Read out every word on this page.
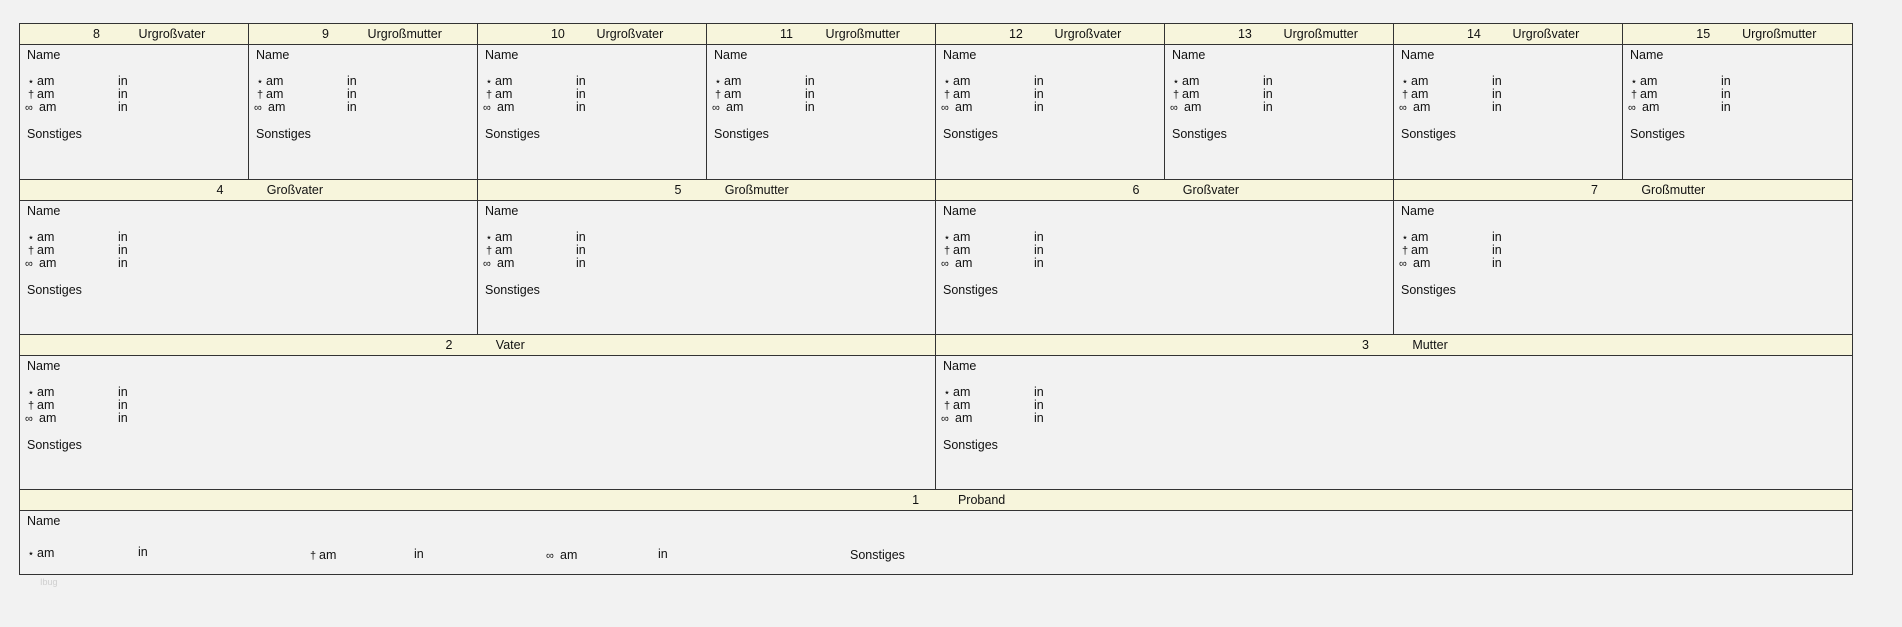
8	Urgroßvater
Name
⋆ am	in
† am	in
∞ am	in
Sonstiges
9	Urgroßmutter
Name
⋆ am	in
† am	in
∞ am	in
Sonstiges
10	Urgroßvater
Name
⋆ am	in
† am	in
∞ am	in
Sonstiges
11	Urgroßmutter
Name
⋆ am	in
† am	in
∞ am	in
Sonstiges
12	Urgroßvater
Name
⋆ am	in
† am	in
∞ am	in
Sonstiges
13	Urgroßmutter
Name
⋆ am	in
† am	in
∞ am	in
Sonstiges
14	Urgroßvater
Name
⋆ am	in
† am	in
∞ am	in
Sonstiges
15	Urgroßmutter
Name
⋆ am	in
† am	in
∞ am	in
Sonstiges
4	Großvater
Name
⋆ am	in
† am	in
∞ am	in
Sonstiges
5	Großmutter
Name
⋆ am	in
† am	in
∞ am	in
Sonstiges
6	Großvater
Name
⋆ am	in
† am	in
∞ am	in
Sonstiges
7	Großmutter
Name
⋆ am	in
† am	in
∞ am	in
Sonstiges
2	Vater
Name
⋆ am	in
† am	in
∞ am	in
Sonstiges
3	Mutter
Name
⋆ am	in
† am	in
∞ am	in
Sonstiges
1	Proband
Name
⋆ am	in	† am	in	∞ am	in	Sonstiges
Ibug
